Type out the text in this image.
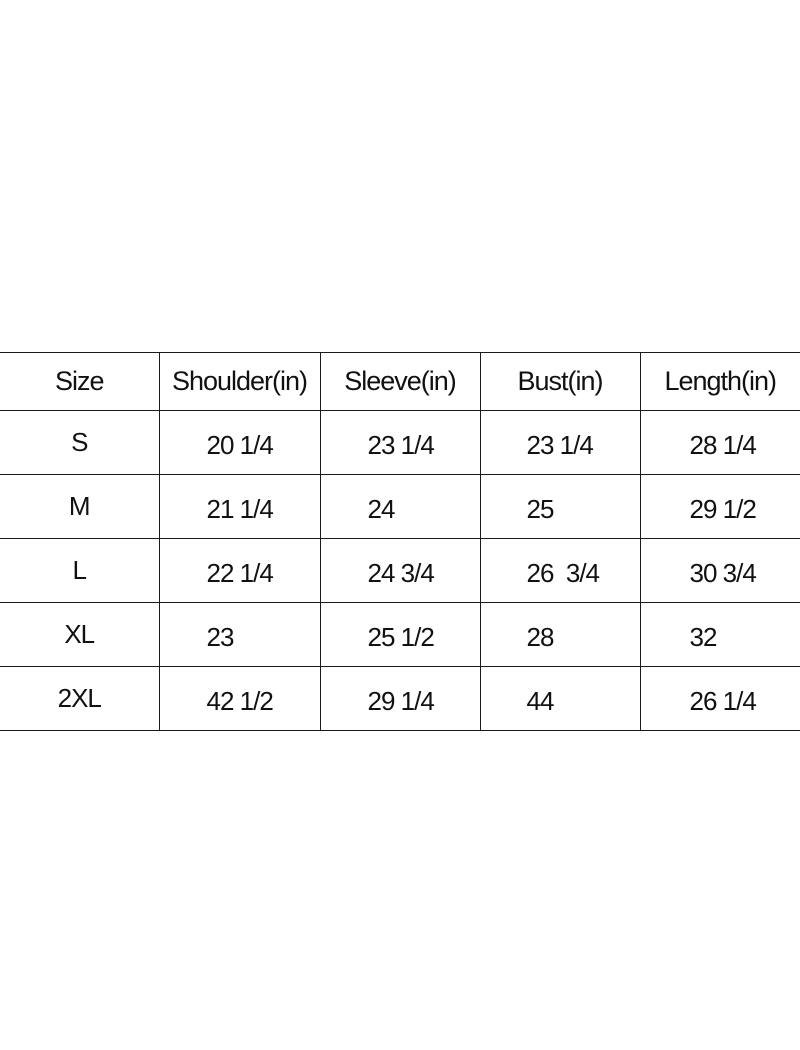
Size	Shoulder(in)	Sleeve(in)	Bust(in)	Length(in)
S	20 1/4	23 1/4	23 1/4	28 1/4
M	21 1/4	24	25	29 1/2
L	22 1/4	24 3/4	26  3/4	30 3/4
XL	23	25 1/2	28	32
2XL	42 1/2	29 1/4	44	26 1/4
